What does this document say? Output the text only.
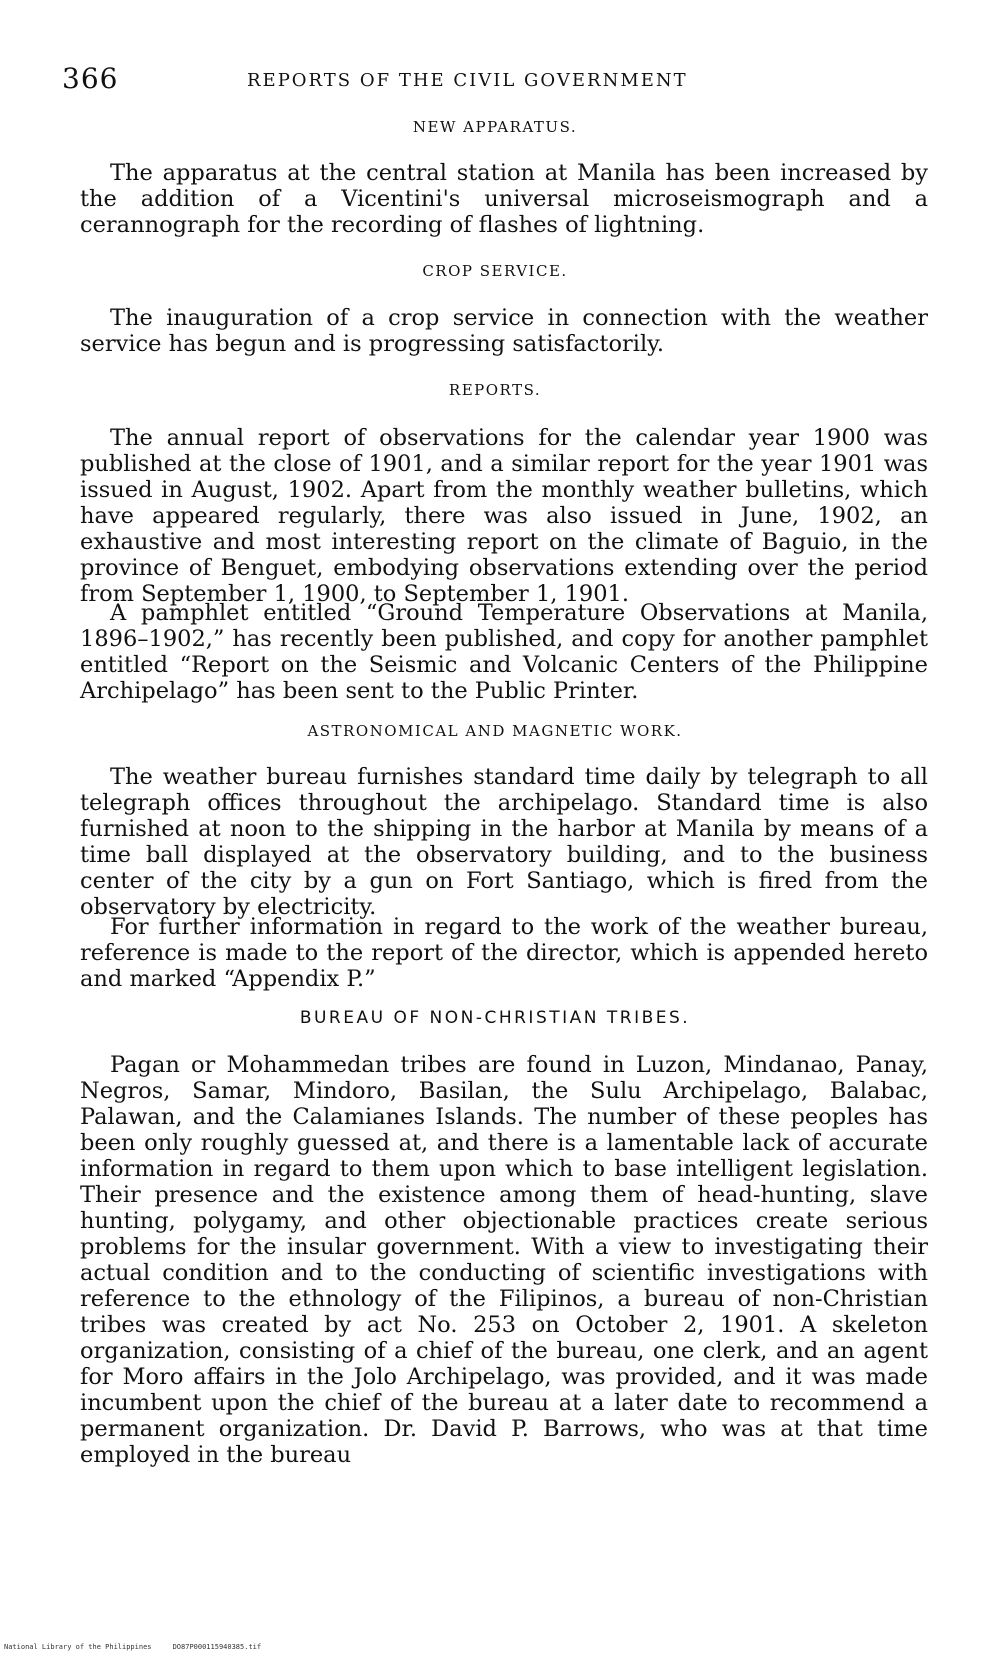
366	REPORTS OF THE CIVIL GOVERNMENT
NEW APPARATUS.

The apparatus at the central station at Manila has been increased by the addition of a Vicentini's universal microseismograph and a cerannograph for the recording of flashes of lightning.

CROP SERVICE.

The inauguration of a crop service in connection with the weather service has begun and is progressing satisfactorily.

REPORTS.

The annual report of observations for the calendar year 1900 was published at the close of 1901, and a similar report for the year 1901 was issued in August, 1902. Apart from the monthly weather bulletins, which have appeared regularly, there was also issued in June, 1902, an exhaustive and most interesting report on the climate of Baguio, in the province of Benguet, embodying observations extending over the period from September 1, 1900, to September 1, 1901.

A pamphlet entitled “Ground Temperature Observations at Manila, 1896–1902,” has recently been published, and copy for another pamphlet entitled “Report on the Seismic and Volcanic Centers of the Philippine Archipelago” has been sent to the Public Printer.

ASTRONOMICAL AND MAGNETIC WORK.

The weather bureau furnishes standard time daily by telegraph to all telegraph offices throughout the archipelago. Standard time is also furnished at noon to the shipping in the harbor at Manila by means of a time ball displayed at the observatory building, and to the business center of the city by a gun on Fort Santiago, which is fired from the observatory by electricity.

For further information in regard to the work of the weather bureau, reference is made to the report of the director, which is appended hereto and marked “Appendix P.”

BUREAU OF NON-CHRISTIAN TRIBES.

Pagan or Mohammedan tribes are found in Luzon, Mindanao, Panay, Negros, Samar, Mindoro, Basilan, the Sulu Archipelago, Balabac, Palawan, and the Calamianes Islands. The number of these peoples has been only roughly guessed at, and there is a lamentable lack of accurate information in regard to them upon which to base intelligent legislation. Their presence and the existence among them of head-hunting, slave hunting, polygamy, and other objectionable practices create serious problems for the insular government. With a view to investigating their actual condition and to the conducting of scientific investigations with reference to the ethnology of the Filipinos, a bureau of non-Christian tribes was created by act No. 253 on October 2, 1901. A skeleton organization, consisting of a chief of the bureau, one clerk, and an agent for Moro affairs in the Jolo Archipelago, was provided, and it was made incumbent upon the chief of the bureau at a later date to recommend a permanent organization. Dr. David P. Barrows, who was at that time employed in the bureau

National Library of the Philippines	DO87P000115940385.tif
